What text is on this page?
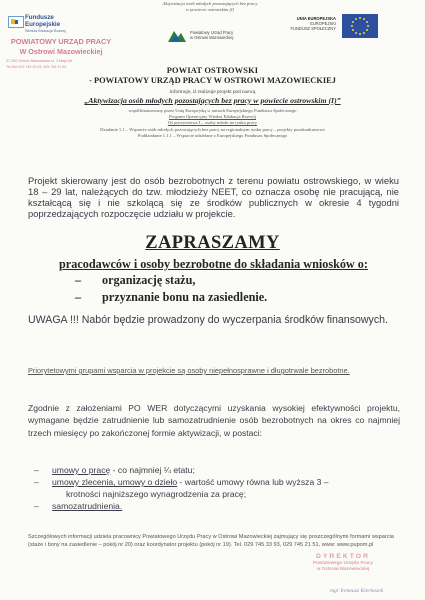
Aktywizacja osób młodych pozostających bez pracy
w powiecie ostrowskim (I)
Fundusze
Europejskie
Wiedza Edukacja Rozwój
POWIATOWY URZĄD PRACY
W Ostrowi Mazowieckiej
07-300 Ostrów Mazowiecka ul. 3 Maja 68
Tel./fax 029 745 33 93, 029 745 21 51
Powiatowy Urząd Pracy
w Ostrowi Mazowieckiej
UNIA EUROPEJSKA
EUROPEJSKI
FUNDUSZ SPOŁECZNY
POWIAT OSTROWSKI
- POWIATOWY URZĄD PRACY W OSTROWI MAZOWIECKIEJ
informuje, iż realizuje projekt pod nazwą
„Aktywizacja osób młodych pozostających bez pracy w powiecie ostrowskim (I)”
współfinansowany przez Unię Europejską w ramach Europejskiego Funduszu Społecznego
Program Operacyjny Wiedza Edukacja Rozwój
Oś priorytetowa I – osoby młode na rynku pracy
Działanie 1.1 – Wsparcie osób młodych pozostających bez pracy na regionalnym rynku pracy – projekty pozakonkursowe
Poddziałanie 1.1.1 – Wsparcie udzielane z Europejskiego Funduszu Społecznego
Projekt skierowany jest do osób bezrobotnych z terenu powiatu ostrowskiego, w wieku 18 – 29 lat, należących do tzw. młodzieży NEET, co oznacza osobę nie pracującą, nie kształcącą się i nie szkolącą się ze środków publicznych w okresie 4 tygodni poprzedzających rozpoczęcie udziału w projekcie.
ZAPRASZAMY
pracodawców i osoby bezrobotne do składania wniosków o:
– organizację stażu,
– przyznanie bonu na zasiedlenie.
UWAGA !!! Nabór będzie prowadzony do wyczerpania środków finansowych.
Priorytetowymi grupami wsparcia w projekcie są osoby niepełnosprawne i długotrwale bezrobotne.
Zgodnie z założeniami PO WER dotyczącymi uzyskania wysokiej efektywności projektu, wymagane będzie zatrudnienie lub samozatrudnienie osób bezrobotnych na okres co najmniej trzech miesięcy po zakończonej formie aktywizacji, w postaci:
– umowy o pracę - co najmniej ¼ etatu;
– umowy zlecenia, umowy o dzieło - wartość umowy równa lub wyższa 3 –
krotności najniższego wynagrodzenia za pracę;
– samozatrudnienia.
Szczegółowych informacji udziela pracownicy Powiatowego Urzędu Pracy w Ostrowi Mazowieckiej zajmujący się poszczególnymi formami wsparcia (staże i bony na zasiedlenie – pokój nr 20) oraz koordynator projektu (pokój nr 19). Tel. 029 745 33 93, 029 745 21 51, www: www.pupom.pl
DYREKTOR
Powiatowego Urzędu Pracy
w Ostrowi Mazowieckiej
mgr Ireneusz Kiernozek
